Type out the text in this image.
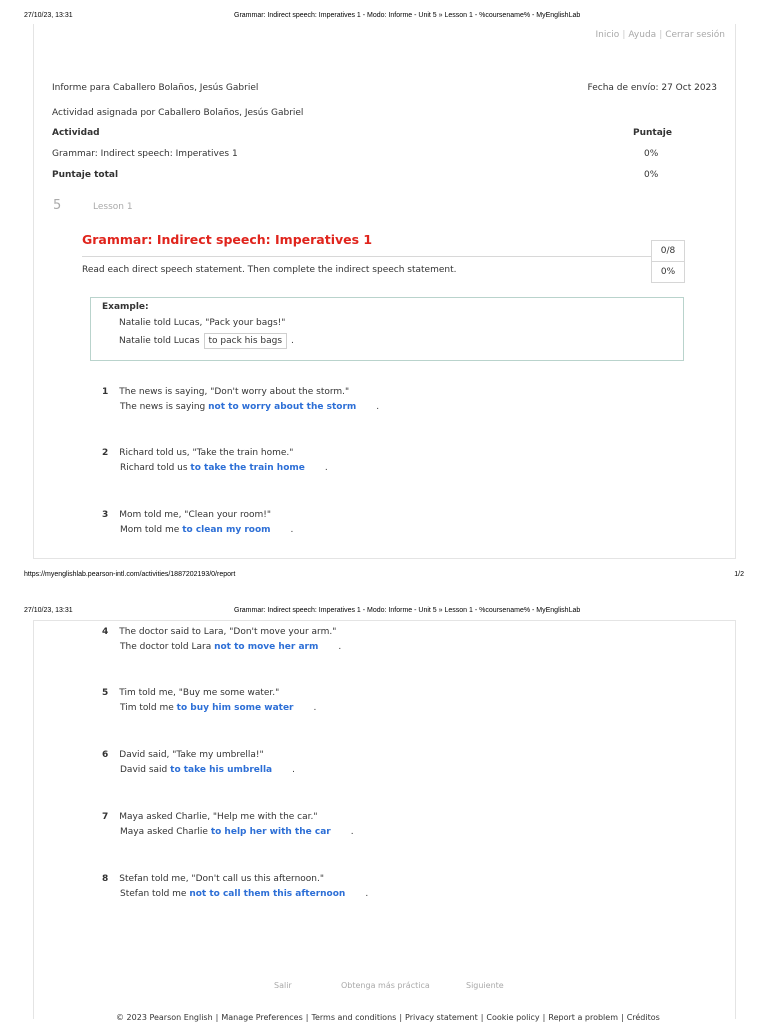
27/10/23, 13:31	Grammar: Indirect speech: Imperatives 1 - Modo: Informe - Unit 5 » Lesson 1 - %coursename% - MyEnglishLab
Inicio | Ayuda | Cerrar sesión
Informe para Caballero Bolaños, Jesús Gabriel	Fecha de envío: 27 Oct 2023
Actividad asignada por Caballero Bolaños, Jesús Gabriel
Actividad	Puntaje
Grammar: Indirect speech: Imperatives 1	0%
Puntaje total	0%
5	Lesson 1
Grammar: Indirect speech: Imperatives 1
0/8
0%
Read each direct speech statement. Then complete the indirect speech statement.
Example:
Natalie told Lucas, "Pack your bags!"
Natalie told Lucas to pack his bags .
1 The news is saying, "Don't worry about the storm."
The news is saying not to worry about the storm .
2 Richard told us, "Take the train home."
Richard told us to take the train home .
3 Mom told me, "Clean your room!"
Mom told me to clean my room .
https://myenglishlab.pearson-intl.com/activities/1887202193/0/report	1/2
27/10/23, 13:31	Grammar: Indirect speech: Imperatives 1 - Modo: Informe - Unit 5 » Lesson 1 - %coursename% - MyEnglishLab
4 The doctor said to Lara, "Don't move your arm."
The doctor told Lara not to move her arm .
5 Tim told me, "Buy me some water."
Tim told me to buy him some water .
6 David said, "Take my umbrella!"
David said to take his umbrella .
7 Maya asked Charlie, "Help me with the car."
Maya asked Charlie to help her with the car .
8 Stefan told me, "Don't call us this afternoon."
Stefan told me not to call them this afternoon .
Salir	Obtenga más práctica	Siguiente
© 2023 Pearson English | Manage Preferences | Terms and conditions | Privacy statement | Cookie policy | Report a problem | Créditos
